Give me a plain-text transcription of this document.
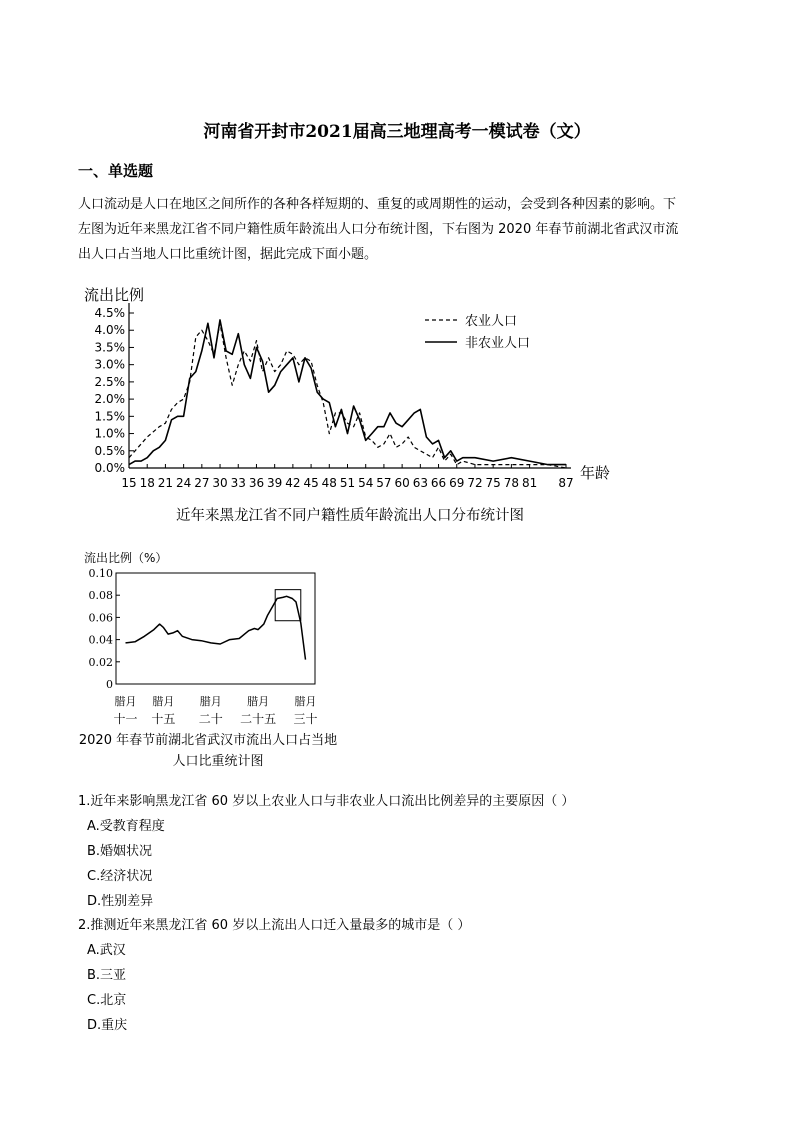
河南省开封市2021届高三地理高考一模试卷（文）
一、单选题
人口流动是人口在地区之间所作的各种各样短期的、重复的或周期性的运动，会受到各种因素的影响。下
左图为近年来黑龙江省不同户籍性质年龄流出人口分布统计图，下右图为 2020 年春节前湖北省武汉市流
出人口占当地人口比重统计图，据此完成下面小题。
流出比例
0.0%
0.5%
1.0%
1.5%
2.0%
2.5%
3.0%
3.5%
4.0%
4.5%
15 18 21 24 27 30 33 36 39 42 45 48 51 54 57 60 63 66 69 72 75 78 81 87
年龄
农业人口
非农业人口
近年来黑龙江省不同户籍性质年龄流出人口分布统计图
流出比例（%）
0
0.02
0.04
0.06
0.08
0.10
腊月
十一
腊月
十五
腊月
二十
腊月
二十五
腊月
三十
2020 年春节前湖北省武汉市流出人口占当地
人口比重统计图
1.近年来影响黑龙江省 60 岁以上农业人口与非农业人口流出比例差异的主要原因（ ）
A.受教育程度
B.婚姻状况
C.经济状况
D.性别差异
2.推测近年来黑龙江省 60 岁以上流出人口迁入量最多的城市是（ ）
A.武汉
B.三亚
C.北京
D.重庆
